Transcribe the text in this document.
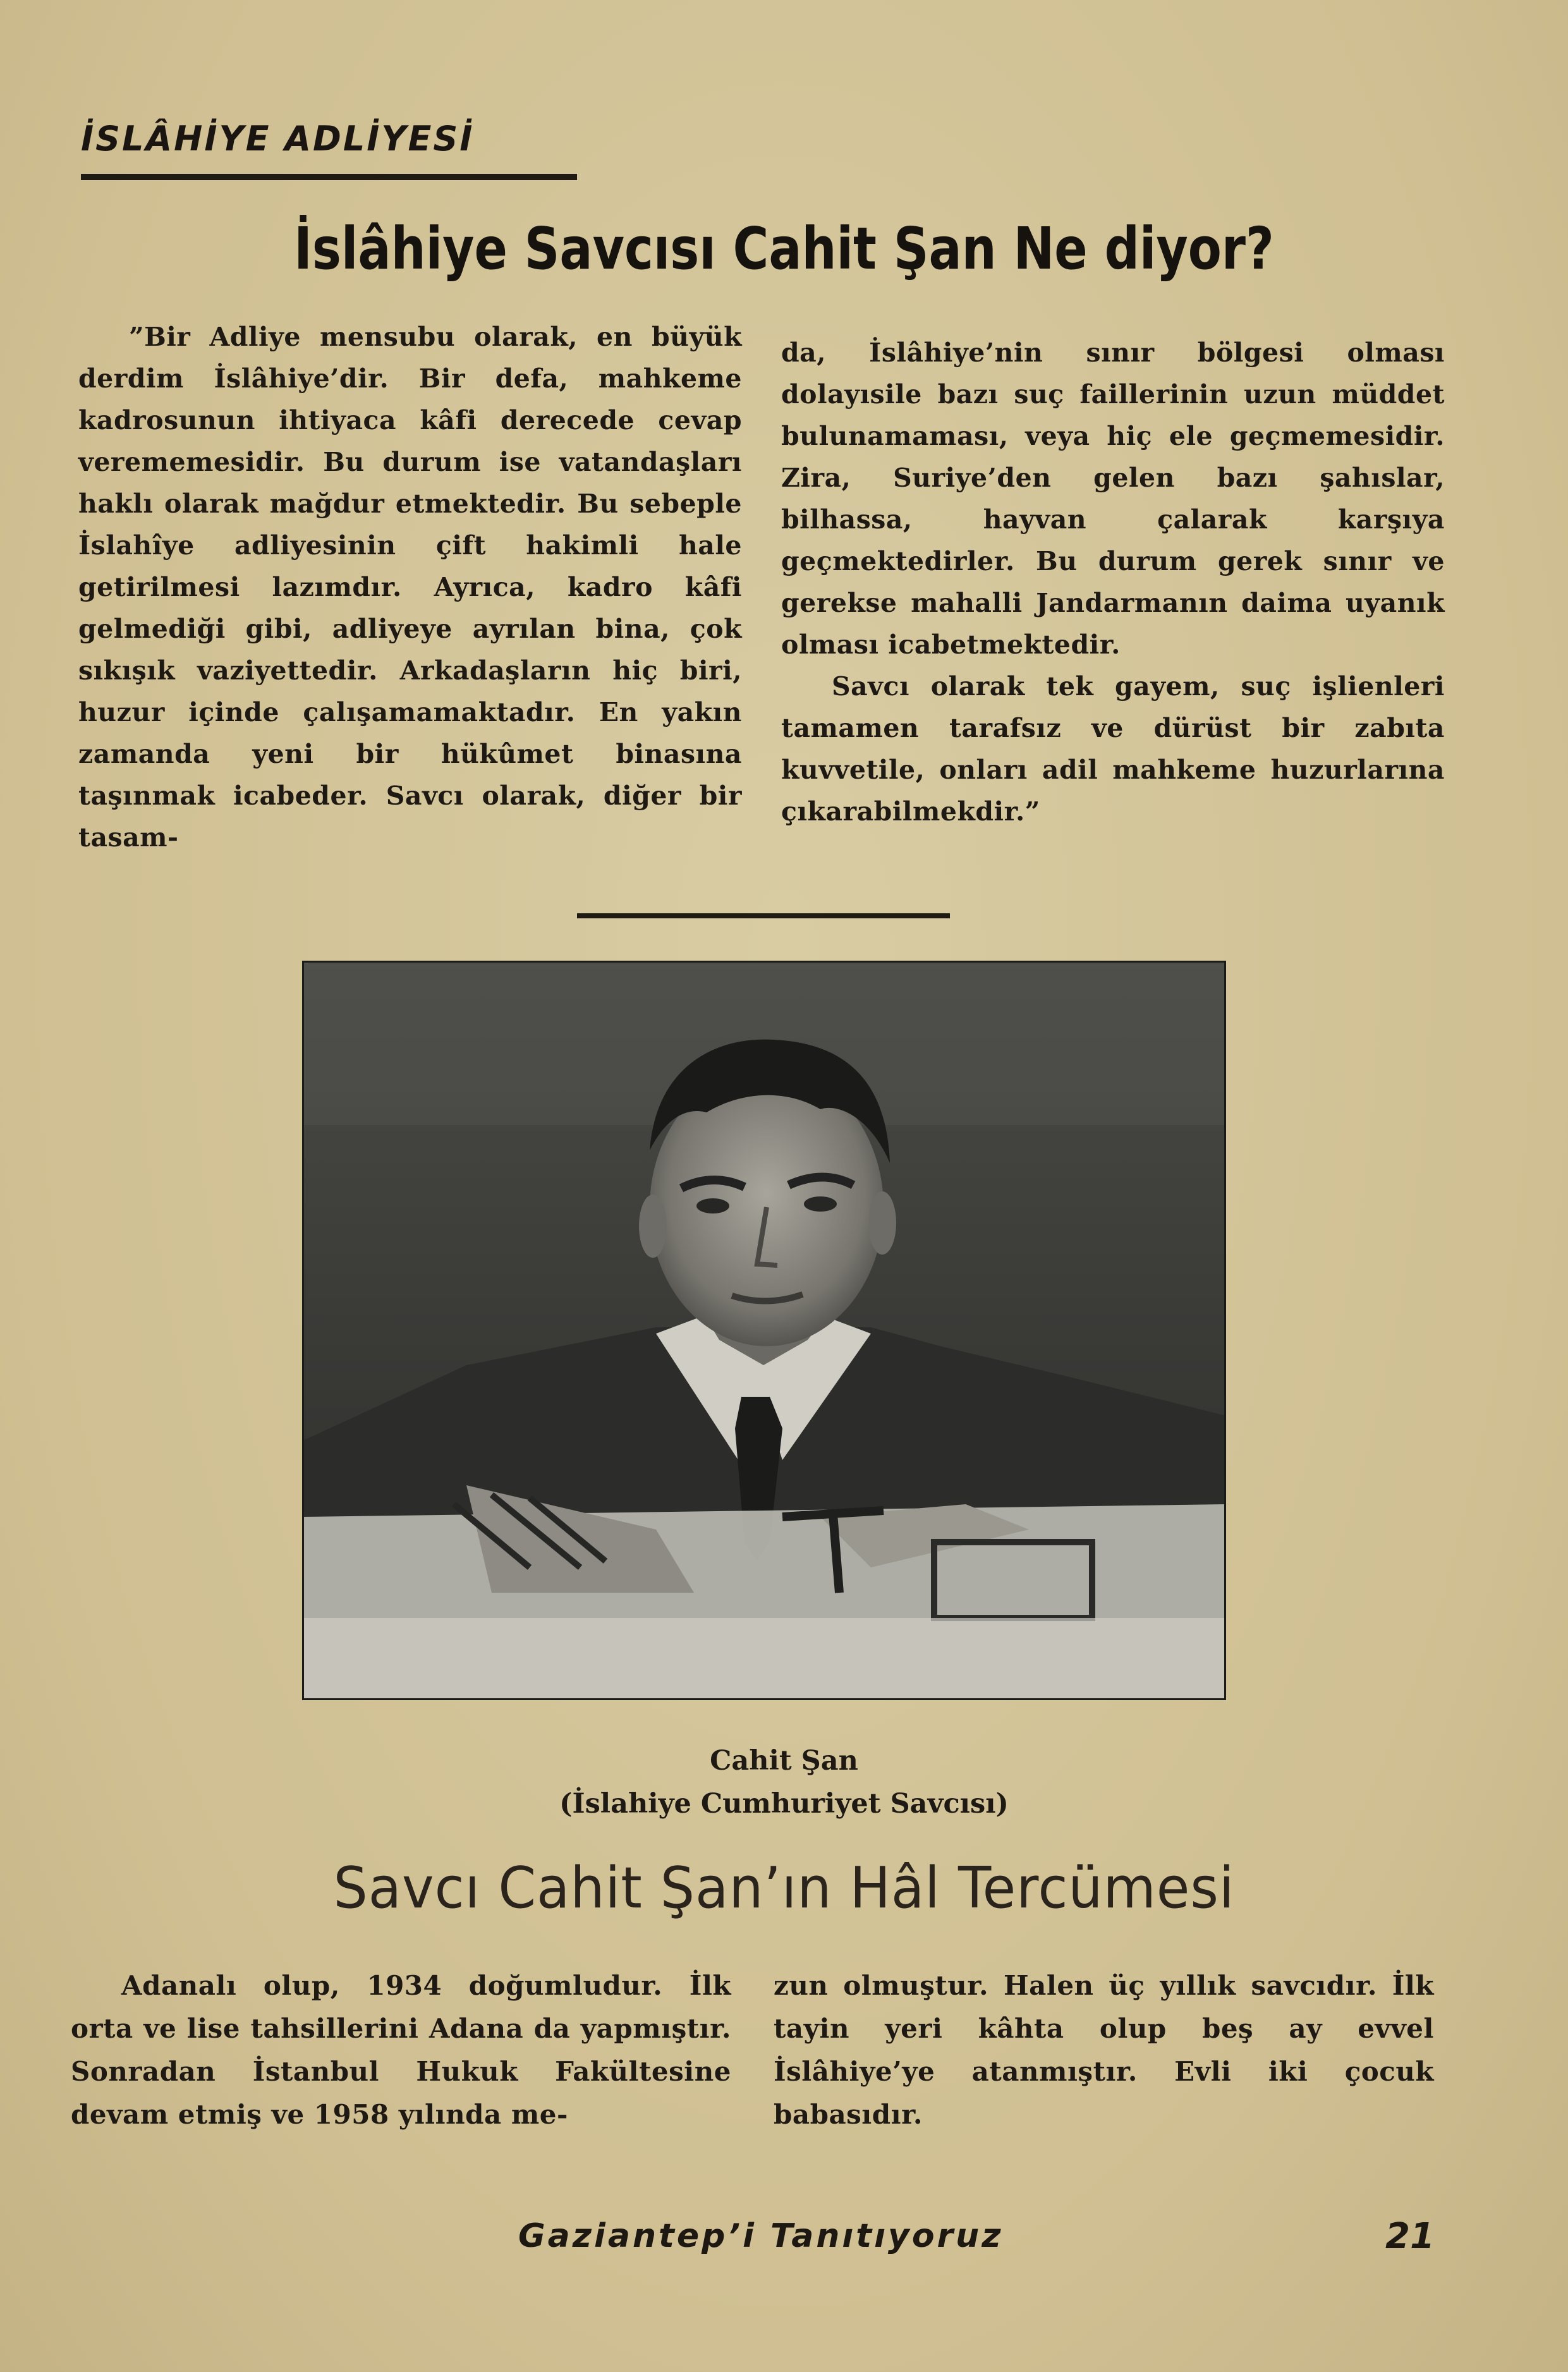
İSLÂHİYE ADLİYESİ
İslâhiye Savcısı Cahit Şan Ne diyor?

”Bir Adliye mensubu olarak, en büyük derdim İslâhiye’dir. Bir defa, mahkeme kadrosunun ihtiyaca kâfi derecede cevap verememesidir. Bu durum ise vatandaşları haklı olarak mağdur etmektedir. Bu sebeple İslahîye adliyesinin çift hakimli hale getirilmesi lazımdır. Ayrıca, kadro kâfi gelmediği gibi, adliyeye ayrılan bina, çok sıkışık vaziyettedir. Arkadaşların hiç biri, huzur içinde çalışamamaktadır. En yakın zamanda yeni bir hükûmet binasına taşınmak icabeder. Savcı olarak, diğer bir tasam-

da, İslâhiye’nin sınır bölgesi olması dolayısile bazı suç faillerinin uzun müddet bulunamaması, veya hiç ele geçmemesidir. Zira, Suriye’den gelen bazı şahıslar, bilhassa, hayvan çalarak karşıya geçmektedirler. Bu durum gerek sınır ve gerekse mahalli Jandarmanın daima uyanık olması icabetmektedir.

Savcı olarak tek gayem, suç işlienleri tamamen tarafsız ve dürüst bir zabıta kuvvetile, onları adil mahkeme huzurlarına çıkarabilmekdir.”

Cahit Şan
(İslahiye Cumhuriyet Savcısı)
Savcı Cahit Şan’ın Hâl Tercümesi

Adanalı olup, 1934 doğumludur. İlk orta ve lise tahsillerini Adana da yapmıştır. Sonradan İstanbul Hukuk Fakültesine devam etmiş ve 1958 yılında me-

zun olmuştur. Halen üç yıllık savcıdır. İlk tayin yeri kâhta olup beş ay evvel İslâhiye’ye atanmıştır. Evli iki çocuk babasıdır.

Gaziantep’i Tanıtıyoruz	21
